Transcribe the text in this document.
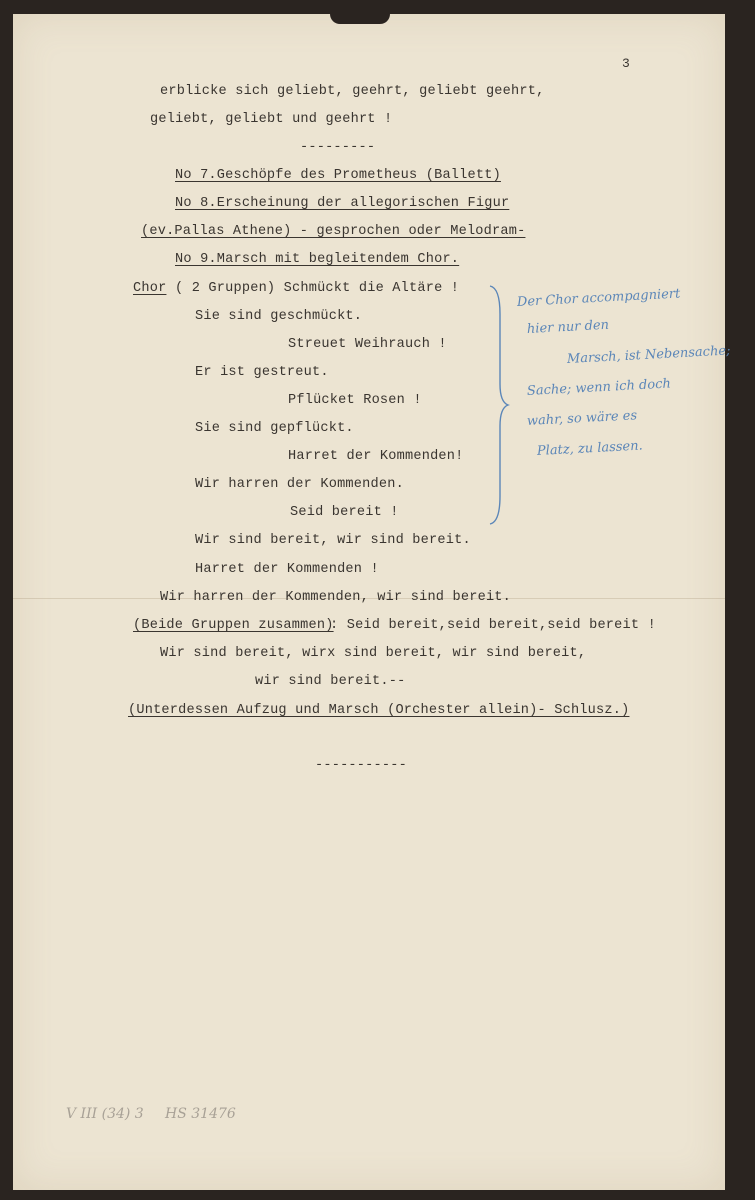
3
erblicke sich geliebt, geehrt, geliebt geehrt,
geliebt, geliebt und geehrt !
---------
No 7.Geschöpfe des Prometheus (Ballett)
No 8.Erscheinung der allegorischen Figur
(ev.Pallas Athene) - gesprochen oder Melodram-
No 9.Marsch mit begleitendem Chor.
Chor ( 2 Gruppen) Schmückt die Altäre !
Sie sind geschmückt.
Streuet Weihrauch !
Er ist gestreut.
Pflücket Rosen !
Sie sind gepflückt.
Harret der Kommenden!
Wir harren der Kommenden.
Seid bereit !
Wir sind bereit, wir sind bereit.
Harret der Kommenden !
Wir harren der Kommenden, wir sind bereit.
(Beide Gruppen zusammen)
: Seid bereit,seid bereit,seid bereit !
Wir sind bereit, wirx sind bereit, wir sind bereit,
wir sind bereit.--
(Unterdessen Aufzug und Marsch (Orchester allein)- Schlusz.)
-----------
Der Chor accompagniert
hier nur den
Marsch, ist Nebensache;
Sache; wenn ich doch
wahr, so wäre es
Platz, zu lassen.
V III (34) 3 HS 31476
